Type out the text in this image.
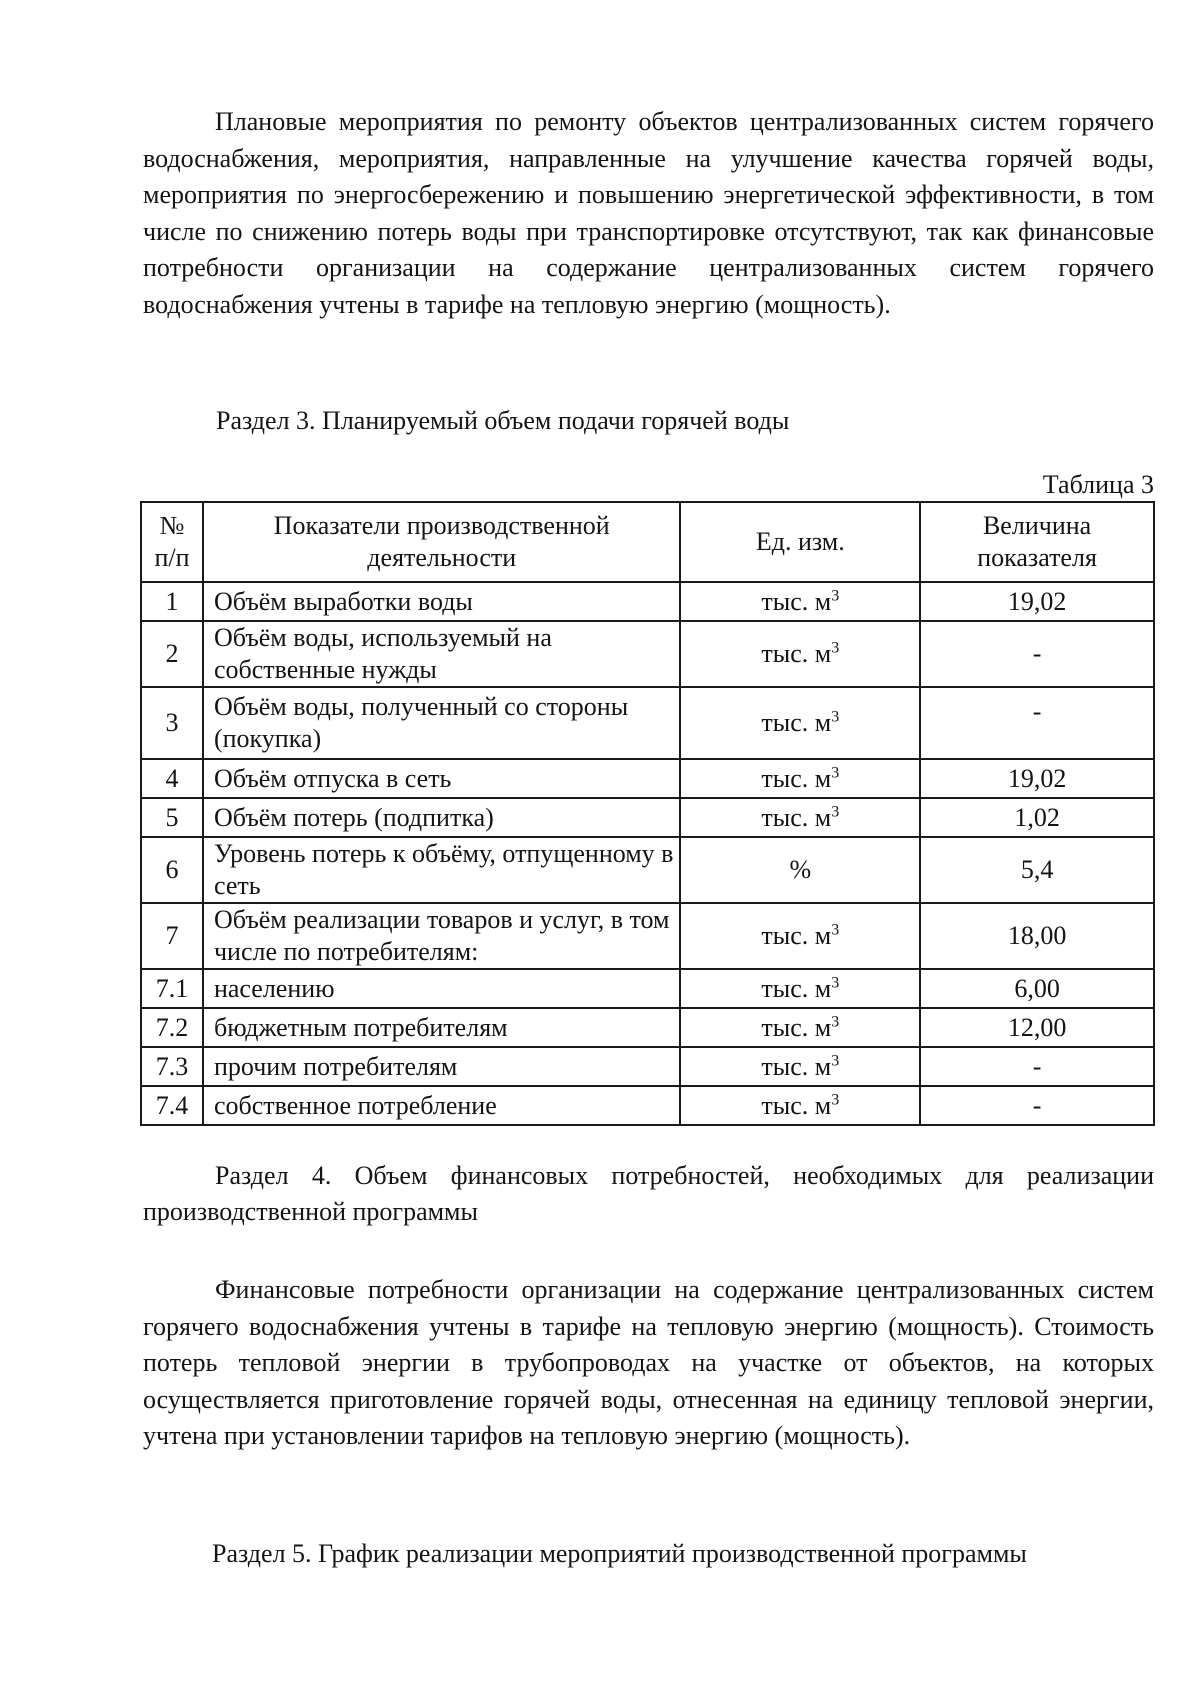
Плановые мероприятия по ремонту объектов централизованных систем горячего водоснабжения, мероприятия, направленные на улучшение качества горячей воды, мероприятия по энергосбережению и повышению энергетической эффективности, в том числе по снижению потерь воды при транспортировке отсутствуют, так как финансовые потребности организации на содержание централизованных систем горячего водоснабжения учтены в тарифе на тепловую энергию (мощность).

Раздел 3. Планируемый объем подачи горячей воды

Таблица 3
№ п/п	Показатели производственной деятельности	Ед. изм.	Величина показателя
1	Объём выработки воды	тыс. $м^3$	19,02
2	Объём воды, используемый на собственные нужды	тыс. $м^3$	-
3	Объём воды, полученный со стороны (покупка)	тыс. $м^3$	-
4	Объём отпуска в сеть	тыс. $м^3$	19,02
5	Объём потерь (подпитка)	тыс. $м^3$	1,02
6	Уровень потерь к объёму, отпущенному в сеть	%	5,4
7	Объём реализации товаров и услуг, в том числе по потребителям:	тыс. $м^3$	18,00
7.1	населению	тыс. $м^3$	6,00
7.2	бюджетным потребителям	тыс. $м^3$	12,00
7.3	прочим потребителям	тыс. $м^3$	-
7.4	собственное потребление	тыс. $м^3$	-

Раздел 4. Объем финансовых потребностей, необходимых для реализации производственной программы

Финансовые потребности организации на содержание централизованных систем горячего водоснабжения учтены в тарифе на тепловую энергию (мощность). Стоимость потерь тепловой энергии в трубопроводах на участке от объектов, на которых осуществляется приготовление горячей воды, отнесенная на единицу тепловой энергии, учтена при установлении тарифов на тепловую энергию (мощность).

Раздел 5. График реализации мероприятий производственной программы
